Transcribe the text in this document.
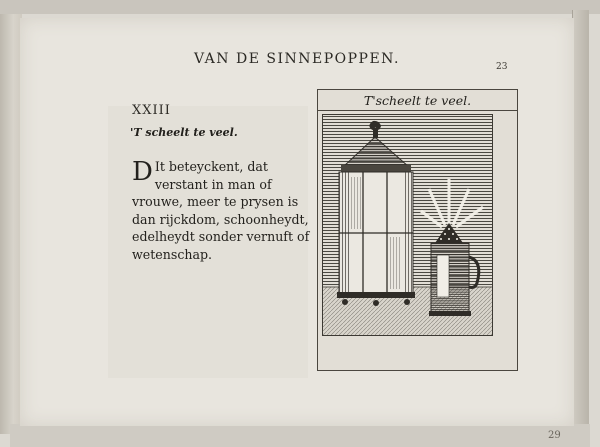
VAN DE SINNEPOPPEN.	23
XXIII
'T scheelt te veel.
D It beteyckent, dat verstant in man of vrouwe, meer te prysen is dan rijckdom, schoonheydt, edelheydt sonder vernuft of wetenschap.
T'scheelt te veel.
29
